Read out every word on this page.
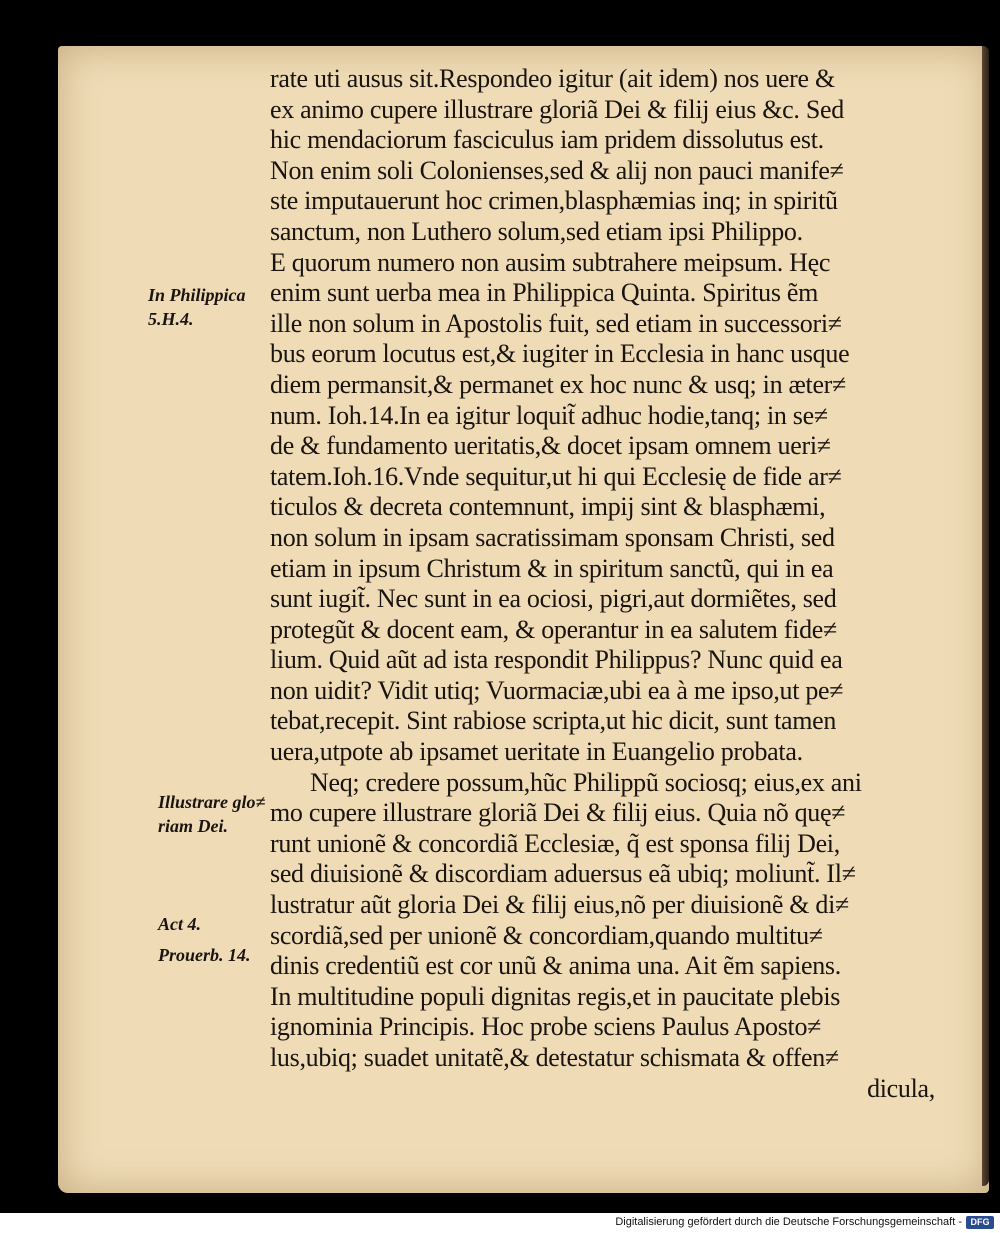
rate uti ausus sit.Respondeo igitur (ait idem) nos uere &
ex animo cupere illustrare gloriã Dei & filij eius &c. Sed
hic mendaciorum fasciculus iam pridem dissolutus est.
Non enim soli Colonienses,sed & alij non pauci manife≠
ste imputauerunt hoc crimen,blasphæmias inq; in spiritũ
sanctum, non Luthero solum,sed etiam ipsi Philippo.
E quorum numero non ausim subtrahere meipsum. Hęc
enim sunt uerba mea in Philippica Quinta. Spiritus ẽm
ille non solum in Apostolis fuit, sed etiam in successori≠
bus eorum locutus est,& iugiter in Ecclesia in hanc usque
diem permansit,& permanet ex hoc nunc & usq; in æter≠
num. Ioh.14.In ea igitur loquit̃ adhuc hodie,tanq; in se≠
de & fundamento ueritatis,& docet ipsam omnem ueri≠
tatem.Ioh.16.Vnde sequitur,ut hi qui Ecclesię de fide ar≠
ticulos & decreta contemnunt, impij sint & blasphæmi,
non solum in ipsam sacratissimam sponsam Christi, sed
etiam in ipsum Christum & in spiritum sanctũ, qui in ea
sunt iugit̃. Nec sunt in ea ociosi, pigri,aut dormiẽtes, sed
protegũt & docent eam, & operantur in ea salutem fide≠
lium. Quid aũt ad ista respondit Philippus? Nunc quid ea
non uidit? Vidit utiq; Vuormaciæ,ubi ea à me ipso,ut pe≠
tebat,recepit. Sint rabiose scripta,ut hic dicit, sunt tamen
uera,utpote ab ipsamet ueritate in Euangelio probata.
Neq; credere possum,hũc Philippũ sociosq; eius,ex ani
mo cupere illustrare gloriã Dei & filij eius. Quia nõ quę≠
runt unionẽ & concordiã Ecclesiæ, q̃ est sponsa filij Dei,
sed diuisionẽ & discordiam aduersus eã ubiq; moliunt̃. Il≠
lustratur aũt gloria Dei & filij eius,nõ per diuisionẽ & di≠
scordiã,sed per unionẽ & concordiam,quando multitu≠
dinis credentiũ est cor unũ & anima una. Ait ẽm sapiens.
In multitudine populi dignitas regis,et in paucitate plebis
ignominia Principis. Hoc probe sciens Paulus Aposto≠
lus,ubiq; suadet unitatẽ,& detestatur schismata & offen≠
dicula,
In Philippica
5.H.4.
Illustrare glo≠
riam Dei.
Act 4.
Prouerb. 14.
Digitalisierung gefördert durch die Deutsche Forschungsgemeinschaft - DFG
